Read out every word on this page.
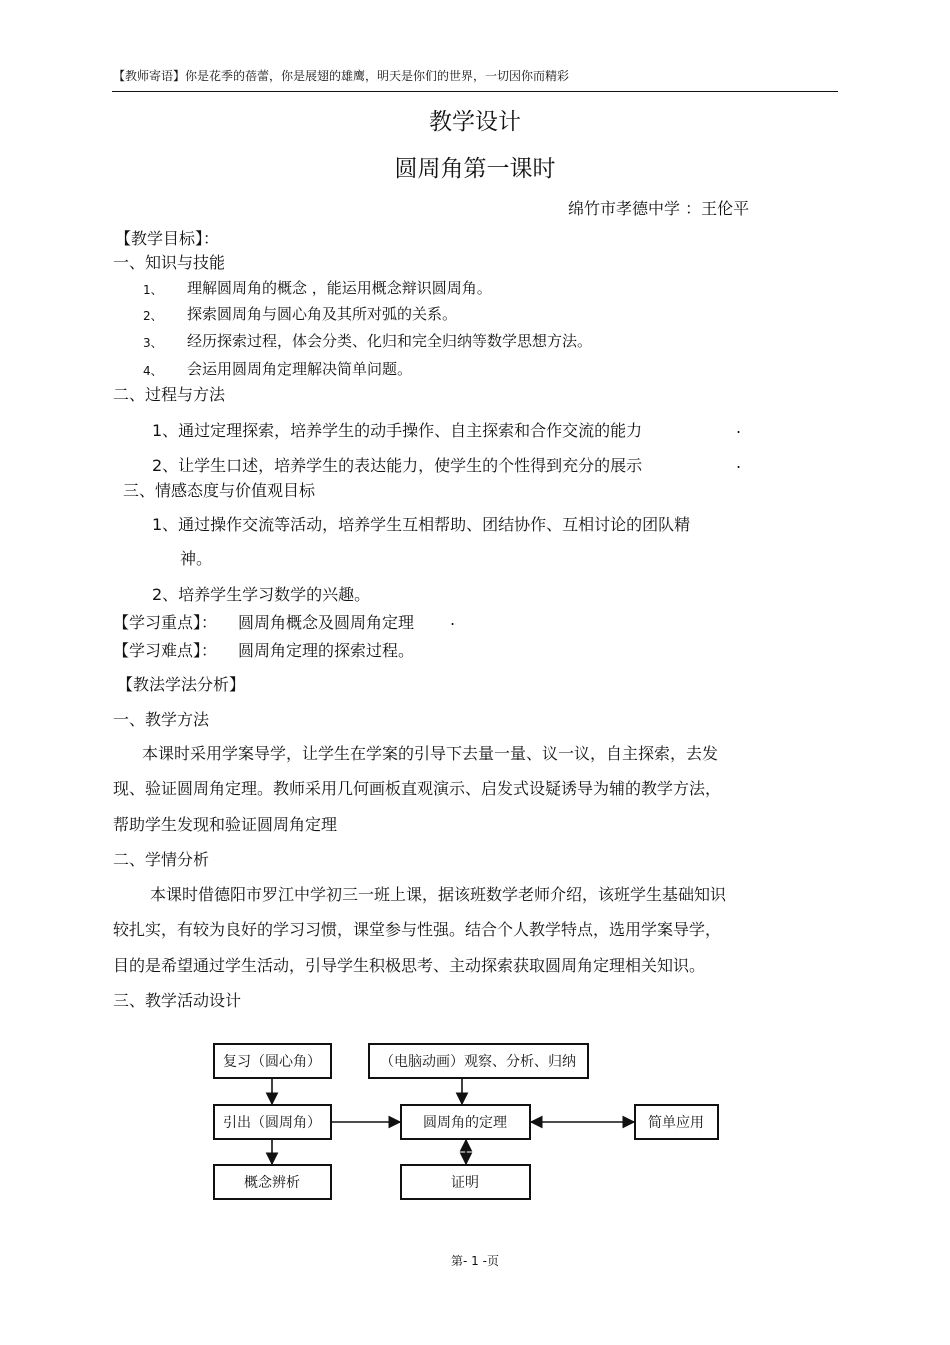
【教师寄语】你是花季的蓓蕾，你是展翅的雄鹰，明天是你们的世界，一切因你而精彩
教学设计
圆周角第一课时
绵竹市孝德中学 ：王伦平
【教学目标】：
一、知识与技能
1、 理解圆周角的概念 ，能运用概念辩识圆周角。
2、 探索圆周角与圆心角及其所对弧的关系。
3、 经历探索过程，体会分类、化归和完全归纳等数学思想方法。
4、 会运用圆周角定理解决简单问题。
二、过程与方法
1、通过定理探索，培养学生的动手操作、自主探索和合作交流的能力	.
2、让学生口述，培养学生的表达能力，使学生的个性得到充分的展示	.
三、情感态度与价值观目标
1、通过操作交流等活动，培养学生互相帮助、团结协作、互相讨论的团队精
神。
2、培养学生学习数学的兴趣。
【学习重点】： 圆周角概念及圆周角定理 .
【学习难点】： 圆周角定理的探索过程。
【教法学法分析】
一、教学方法
本课时采用学案导学，让学生在学案的引导下去量一量、议一议，自主探索，去发
现、验证圆周角定理。教师采用几何画板直观演示、启发式设疑诱导为辅的教学方法，
帮助学生发现和验证圆周角定理
二、学情分析
本课时借德阳市罗江中学初三一班上课，据该班数学老师介绍，该班学生基础知识
较扎实，有较为良好的学习习惯，课堂参与性强。结合个人教学特点，选用学案导学，
目的是希望通过学生活动，引导学生积极思考、主动探索获取圆周角定理相关知识。
三、教学活动设计
复习（圆心角）	（电脑动画）观察、分析、归纳
引出（圆周角）	圆周角的定理	简单应用
概念辨析	证明
第- 1 -页
